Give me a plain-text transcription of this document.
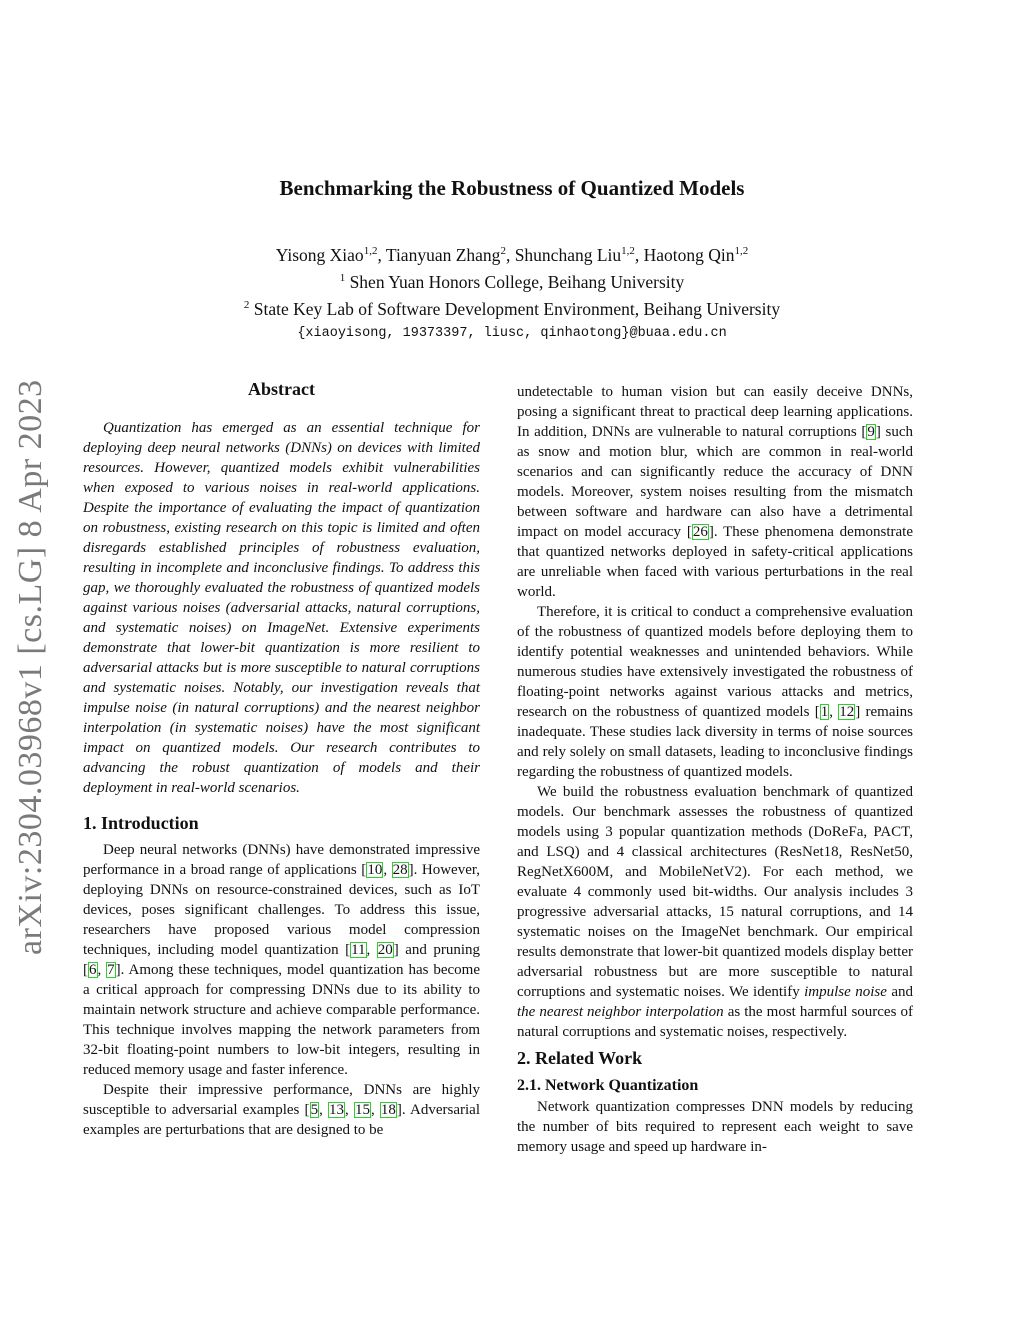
arXiv:2304.03968v1 [cs.LG] 8 Apr 2023
Benchmarking the Robustness of Quantized Models
Yisong Xiao$^{1,2}$, Tianyuan Zhang$^2$, Shunchang Liu$^{1,2}$, Haotong Qin$^{1,2}$
$^1$ Shen Yuan Honors College, Beihang University
$^2$ State Key Lab of Software Development Environment, Beihang University
{xiaoyisong, 19373397, liusc, qinhaotong}@buaa.edu.cn
Abstract

Quantization has emerged as an essential technique for deploying deep neural networks (DNNs) on devices with limited resources. However, quantized models exhibit vulnerabilities when exposed to various noises in real-world applications. Despite the importance of evaluating the impact of quantization on robustness, existing research on this topic is limited and often disregards established principles of robustness evaluation, resulting in incomplete and inconclusive findings. To address this gap, we thoroughly evaluated the robustness of quantized models against various noises (adversarial attacks, natural corruptions, and systematic noises) on ImageNet. Extensive experiments demonstrate that lower-bit quantization is more resilient to adversarial attacks but is more susceptible to natural corruptions and systematic noises. Notably, our investigation reveals that impulse noise (in natural corruptions) and the nearest neighbor interpolation (in systematic noises) have the most significant impact on quantized models. Our research contributes to advancing the robust quantization of models and their deployment in real-world scenarios.

1. Introduction

Deep neural networks (DNNs) have demonstrated impressive performance in a broad range of applications [10, 28]. However, deploying DNNs on resource-constrained devices, such as IoT devices, poses significant challenges. To address this issue, researchers have proposed various model compression techniques, including model quantization [11, 20] and pruning [6, 7]. Among these techniques, model quantization has become a critical approach for compressing DNNs due to its ability to maintain network structure and achieve comparable performance. This technique involves mapping the network parameters from 32-bit floating-point numbers to low-bit integers, resulting in reduced memory usage and faster inference.

Despite their impressive performance, DNNs are highly susceptible to adversarial examples [5, 13, 15, 18]. Adversarial examples are perturbations that are designed to be

undetectable to human vision but can easily deceive DNNs, posing a significant threat to practical deep learning applications. In addition, DNNs are vulnerable to natural corruptions [9] such as snow and motion blur, which are common in real-world scenarios and can significantly reduce the accuracy of DNN models. Moreover, system noises resulting from the mismatch between software and hardware can also have a detrimental impact on model accuracy [26]. These phenomena demonstrate that quantized networks deployed in safety-critical applications are unreliable when faced with various perturbations in the real world.

Therefore, it is critical to conduct a comprehensive evaluation of the robustness of quantized models before deploying them to identify potential weaknesses and unintended behaviors. While numerous studies have extensively investigated the robustness of floating-point networks against various attacks and metrics, research on the robustness of quantized models [1, 12] remains inadequate. These studies lack diversity in terms of noise sources and rely solely on small datasets, leading to inconclusive findings regarding the robustness of quantized models.

We build the robustness evaluation benchmark of quantized models. Our benchmark assesses the robustness of quantized models using 3 popular quantization methods (DoReFa, PACT, and LSQ) and 4 classical architectures (ResNet18, ResNet50, RegNetX600M, and MobileNetV2). For each method, we evaluate 4 commonly used bit-widths. Our analysis includes 3 progressive adversarial attacks, 15 natural corruptions, and 14 systematic noises on the ImageNet benchmark. Our empirical results demonstrate that lower-bit quantized models display better adversarial robustness but are more susceptible to natural corruptions and systematic noises. We identify impulse noise and the nearest neighbor interpolation as the most harmful sources of natural corruptions and systematic noises, respectively.

2. Related Work
2.1. Network Quantization

Network quantization compresses DNN models by reducing the number of bits required to represent each weight to save memory usage and speed up hardware in-
